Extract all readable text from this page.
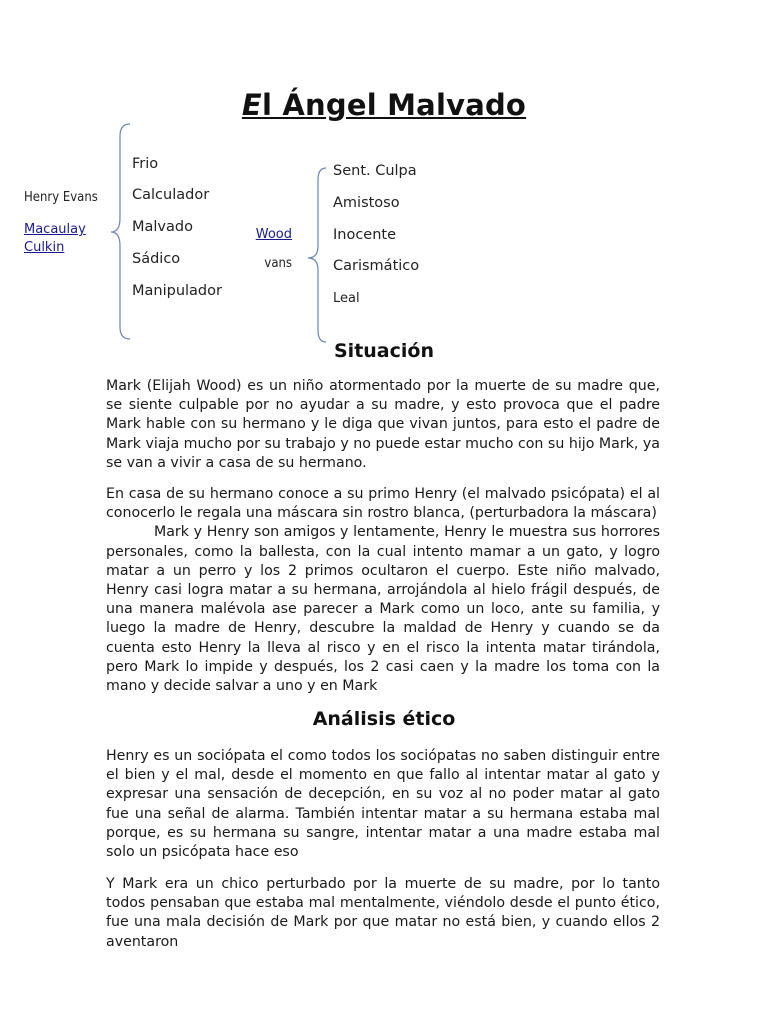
El Ángel Malvado
Henry Evans
Macaulay
Culkin
Frio
Calculador
Malvado
Sádico
Manipulador
Wood
vans
Sent. Culpa
Amistoso
Inocente
Carismático
Leal
Situación

Mark (Elijah Wood) es un niño atormentado por la muerte de su madre que, se siente culpable por no ayudar a su madre, y esto provoca que el padre Mark hable con su hermano y le diga que vivan juntos, para esto el padre de Mark viaja mucho por su trabajo y no puede estar mucho con su hijo Mark, ya se van a vivir a casa de su hermano.

En casa de su hermano conoce a su primo Henry (el malvado psicópata) el al conocerlo le regala una máscara sin rostro blanca, (perturbadora la máscara)
Mark y Henry son amigos y lentamente, Henry le muestra sus horrores personales, como la ballesta, con la cual intento mamar a un gato, y logro matar a un perro y los 2 primos ocultaron el cuerpo. Este niño malvado, Henry casi logra matar a su hermana, arrojándola al hielo frágil después, de una manera malévola ase parecer a Mark como un loco, ante su familia, y luego la madre de Henry, descubre la maldad de Henry y cuando se da cuenta esto Henry la lleva al risco y en el risco la intenta matar tirándola, pero Mark lo impide y después, los 2 casi caen y la madre los toma con la mano y decide salvar a uno y en Mark
Análisis ético

Henry es un sociópata el como todos los sociópatas no saben distinguir entre el bien y el mal, desde el momento en que fallo al intentar matar al gato y expresar una sensación de decepción, en su voz al no poder matar al gato fue una señal de alarma. También intentar matar a su hermana estaba mal porque, es su hermana su sangre, intentar matar a una madre estaba mal solo un psicópata hace eso

Y Mark era un chico perturbado por la muerte de su madre, por lo tanto todos pensaban que estaba mal mentalmente, viéndolo desde el punto ético, fue una mala decisión de Mark por que matar no está bien, y cuando ellos 2 aventaron
